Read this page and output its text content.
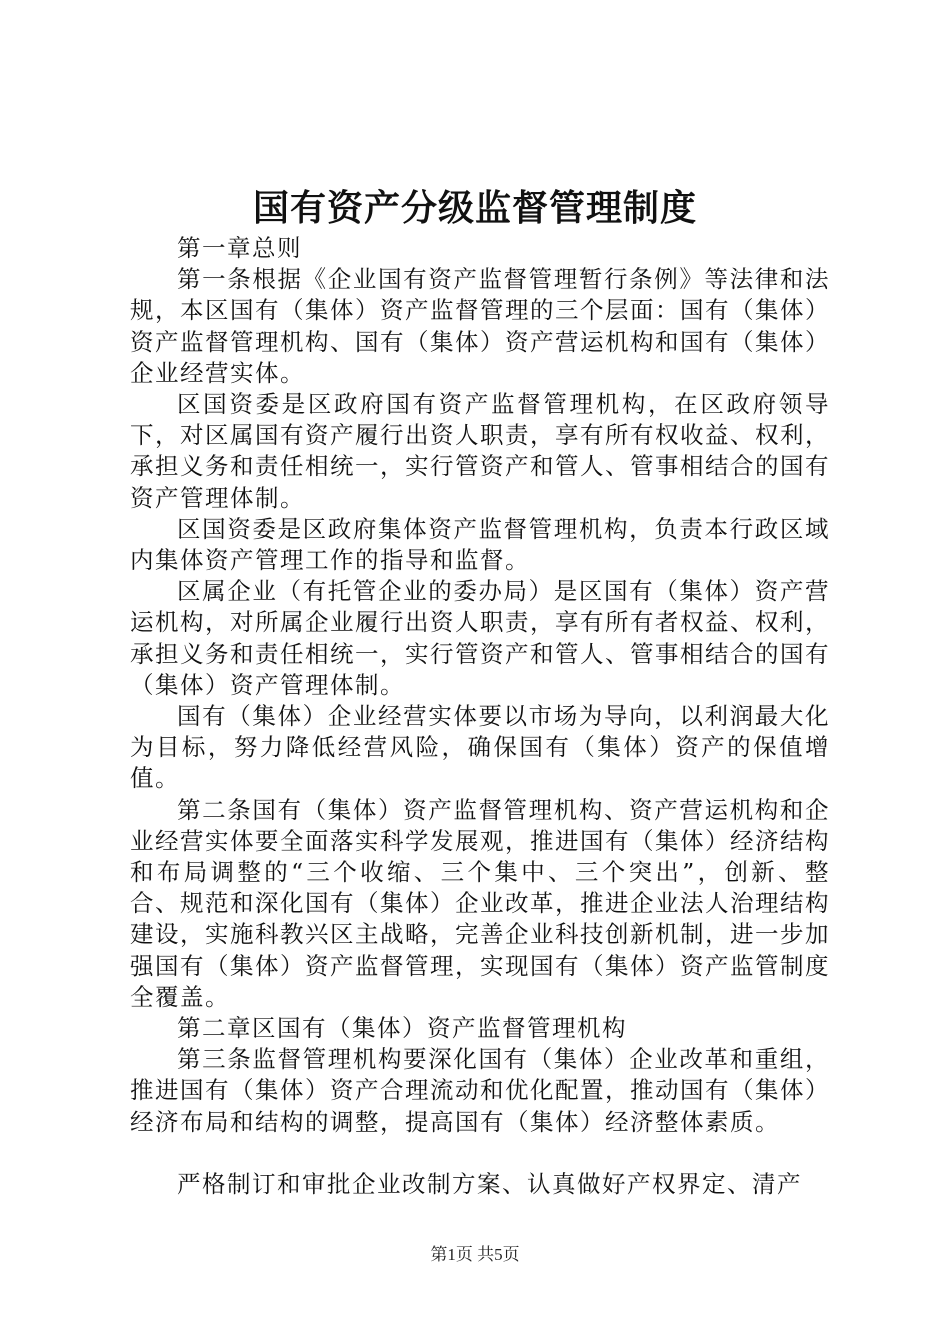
国有资产分级监督管理制度

第一章总则

第一条根据《企业国有资产监督管理暂行条例》等法律和法规，本区国有（集体）资产监督管理的三个层面：国有（集体）资产监督管理机构、国有（集体）资产营运机构和国有（集体）企业经营实体。

区国资委是区政府国有资产监督管理机构，在区政府领导下，对区属国有资产履行出资人职责，享有所有权收益、权利，承担义务和责任相统一，实行管资产和管人、管事相结合的国有资产管理体制。

区国资委是区政府集体资产监督管理机构，负责本行政区域内集体资产管理工作的指导和监督。

区属企业（有托管企业的委办局）是区国有（集体）资产营运机构，对所属企业履行出资人职责，享有所有者权益、权利，承担义务和责任相统一，实行管资产和管人、管事相结合的国有（集体）资产管理体制。

国有（集体）企业经营实体要以市场为导向，以利润最大化为目标，努力降低经营风险，确保国有（集体）资产的保值增值。

第二条国有（集体）资产监督管理机构、资产营运机构和企业经营实体要全面落实科学发展观，推进国有（集体）经济结构和布局调整的“三个收缩、三个集中、三个突出”，创新、整合、规范和深化国有（集体）企业改革，推进企业法人治理结构建设，实施科教兴区主战略，完善企业科技创新机制，进一步加强国有（集体）资产监督管理，实现国有（集体）资产监管制度全覆盖。

第二章区国有（集体）资产监督管理机构

第三条监督管理机构要深化国有（集体）企业改革和重组，推进国有（集体）资产合理流动和优化配置，推动国有（集体）经济布局和结构的调整，提高国有（集体）经济整体素质。

严格制订和审批企业改制方案、认真做好产权界定、清产

第1页 共5页
